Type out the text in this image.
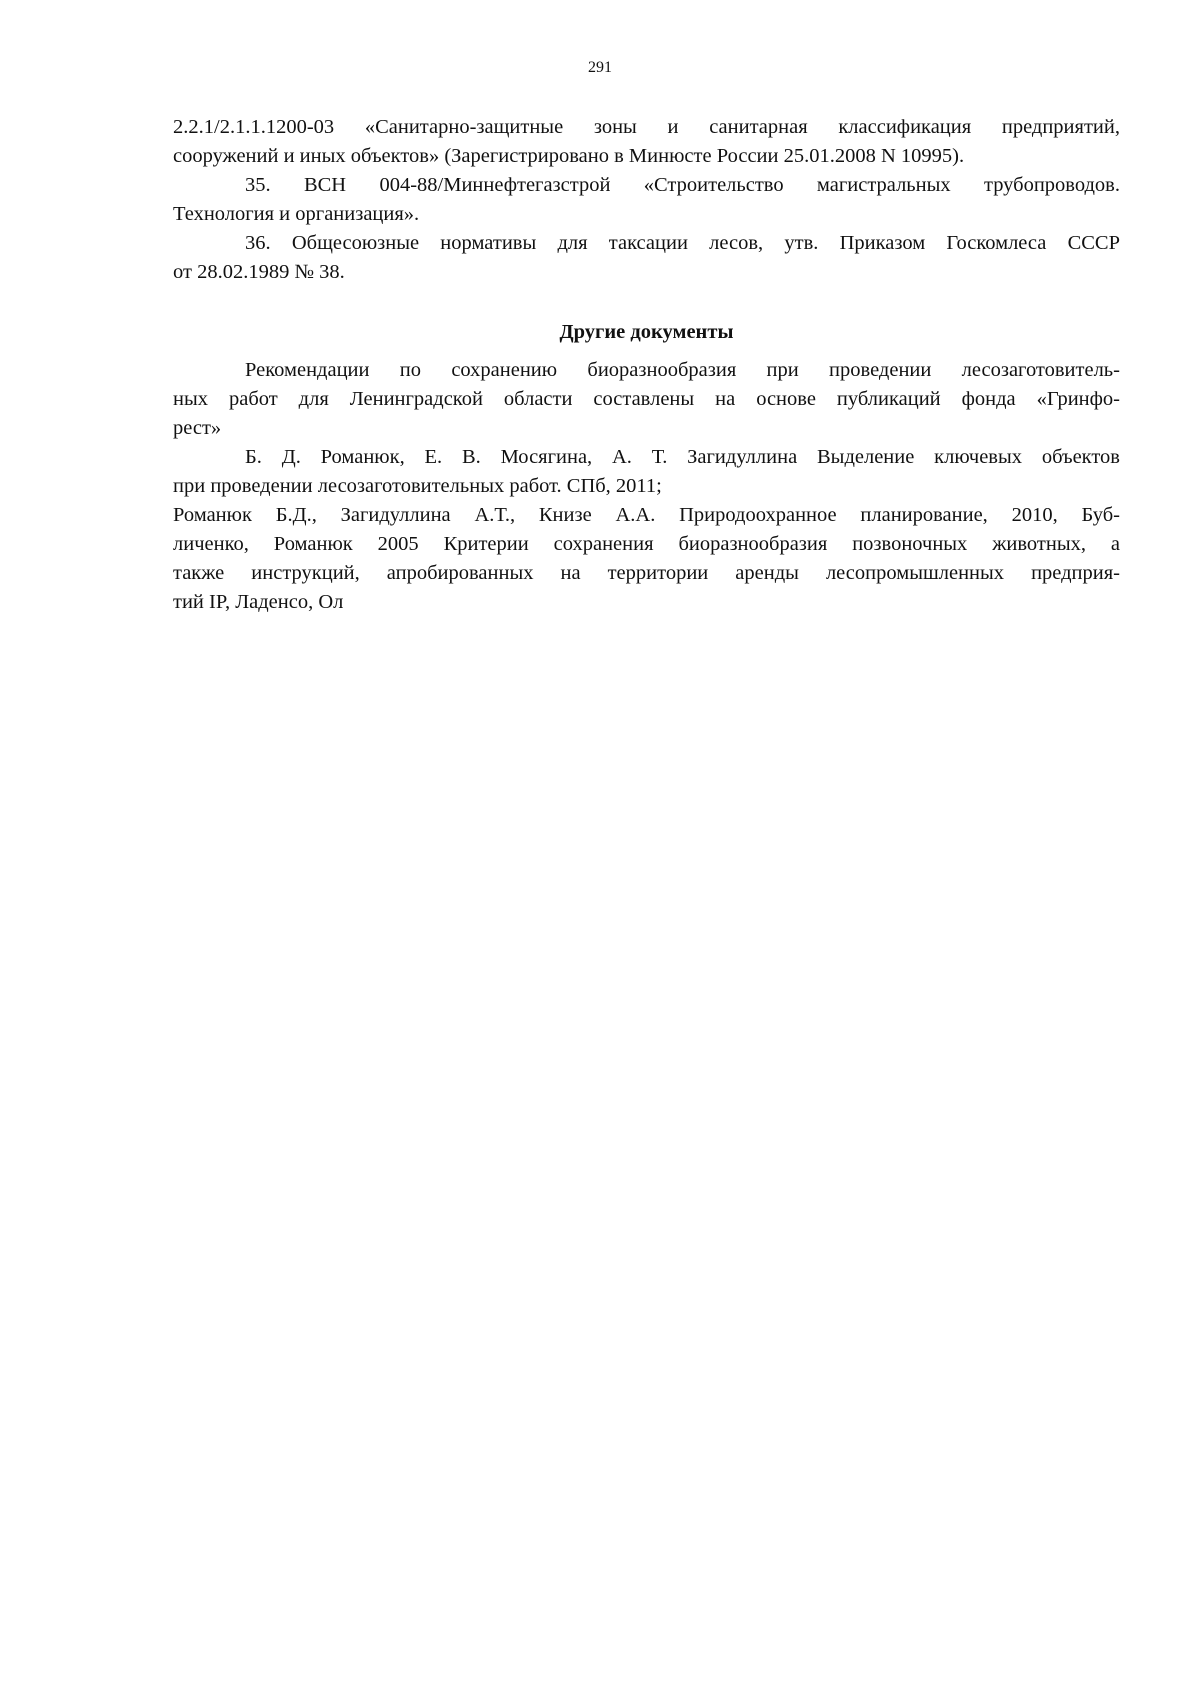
291

2.2.1/2.1.1.1200-03 «Санитарно-защитные зоны и санитарная классификация предприятий,
сооружений и иных объектов» (Зарегистрировано в Минюсте России 25.01.2008 N 10995).

35. ВСН 004-88/Миннефтегазстрой «Строительство магистральных трубопроводов.
Технология и организация».

36. Общесоюзные нормативы для таксации лесов, утв. Приказом Госкомлеса СССР
от 28.02.1989 № 38.

Другие документы

Рекомендации по сохранению биоразнообразия при проведении лесозаготовитель-
ных работ для Ленинградской области составлены на основе публикаций фонда «Гринфо-
рест»

Б. Д. Романюк, Е. В. Мосягина, А. Т. Загидуллина Выделение ключевых объектов
при проведении лесозаготовительных работ. СПб, 2011;

Романюк Б.Д., Загидуллина А.Т., Книзе А.А. Природоохранное планирование, 2010, Буб-
личенко, Романюк 2005 Критерии сохранения биоразнообразия позвоночных животных, а
также инструкций, апробированных на территории аренды лесопромышленных предприя-
тий IP, Ладенсо, Ол
